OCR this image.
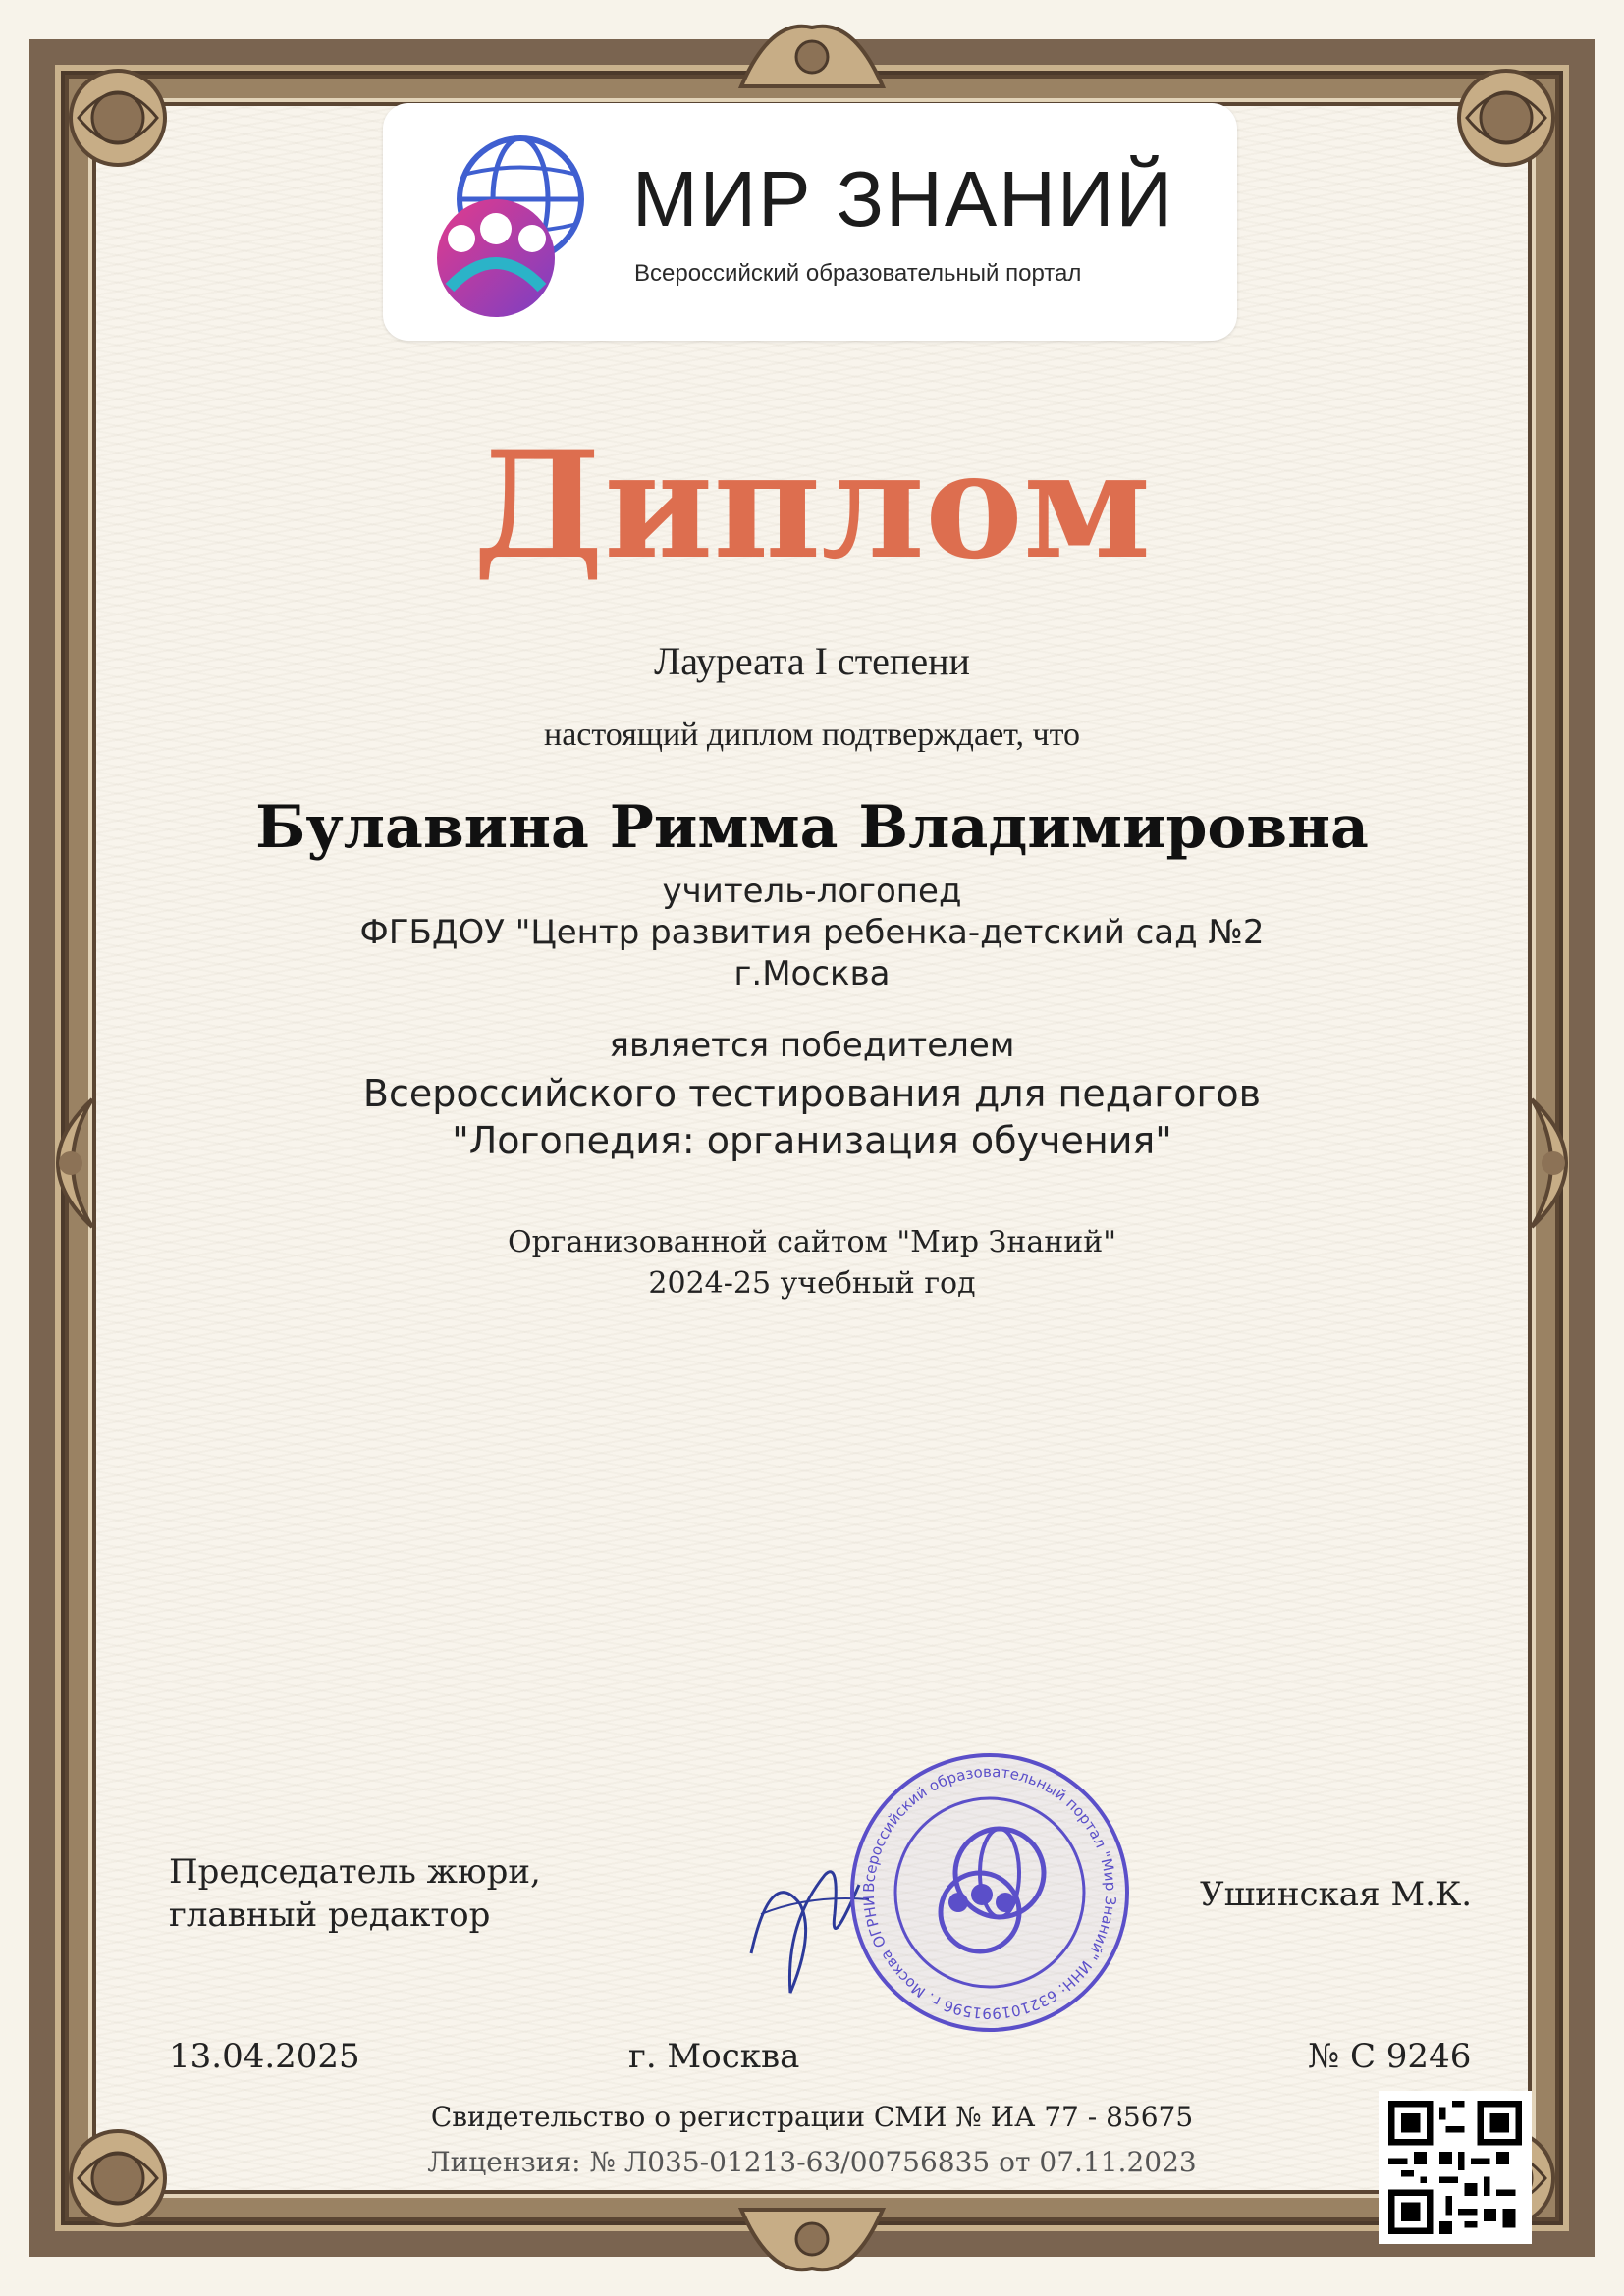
МИР ЗНАНИЙ
Всероссийский образовательный портал
Диплом
Лауреата I степени
настоящий диплом подтверждает, что
Булавина Римма Владимировна
учитель-логопед
ФГБДОУ "Центр развития ребенка-детский сад №2
г.Москва
является победителем
Всероссийского тестирования для педагогов
"Логопедия: организация обучения"
Организованной сайтом "Мир Знаний"
2024-25 учебный год
Председатель жюри,
главный редактор
Всероссийский образовательный портал "Мир Знаний" ИНН: 632101991596 г. Москва ОГРНИ	Ушинская М.К.
13.04.2025	г. Москва	№ С 9246
Свидетельство о регистрации СМИ № ИА 77 - 85675
Лицензия: № Л035-01213-63/00756835 от 07.11.2023
